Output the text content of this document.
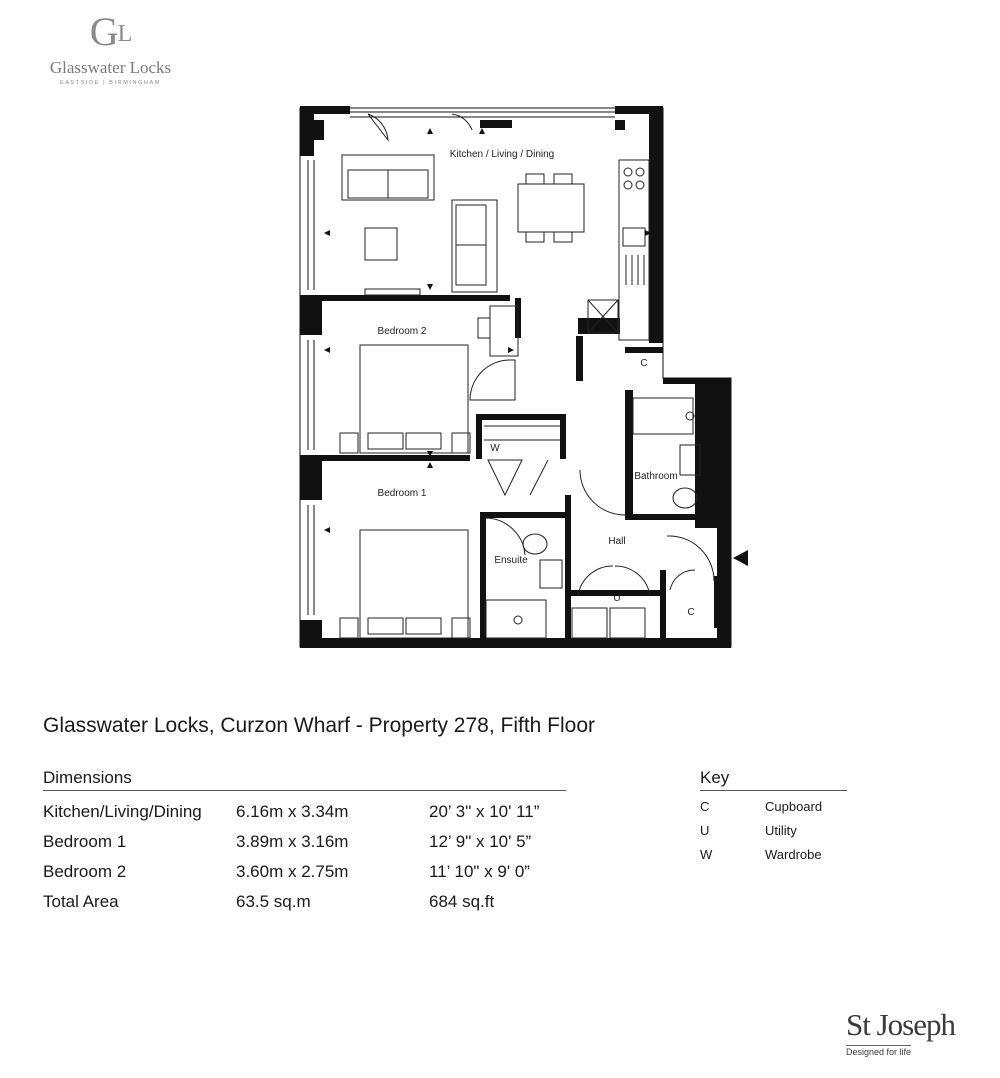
$G^L$
Glasswater Locks
EASTSIDE | BIRMINGHAM
Kitchen / Living / Dining
Bedroom 2
Bedroom 1
Bathroom
Ensuite
Hall
W
C
C
U
Glasswater Locks, Curzon Wharf - Property 278, Fifth Floor
Dimensions
Kitchen/Living/Dining	6.16m x 3.34m	20’ 3" x 10' 11”
Bedroom 1	3.89m x 3.16m	12’ 9" x 10' 5”
Bedroom 2	3.60m x 2.75m	11’ 10" x 9' 0”
Total Area	63.5 sq.m	684 sq.ft
Key
C	Cupboard
U	Utility
W	Wardrobe
St Joseph
Designed for life
